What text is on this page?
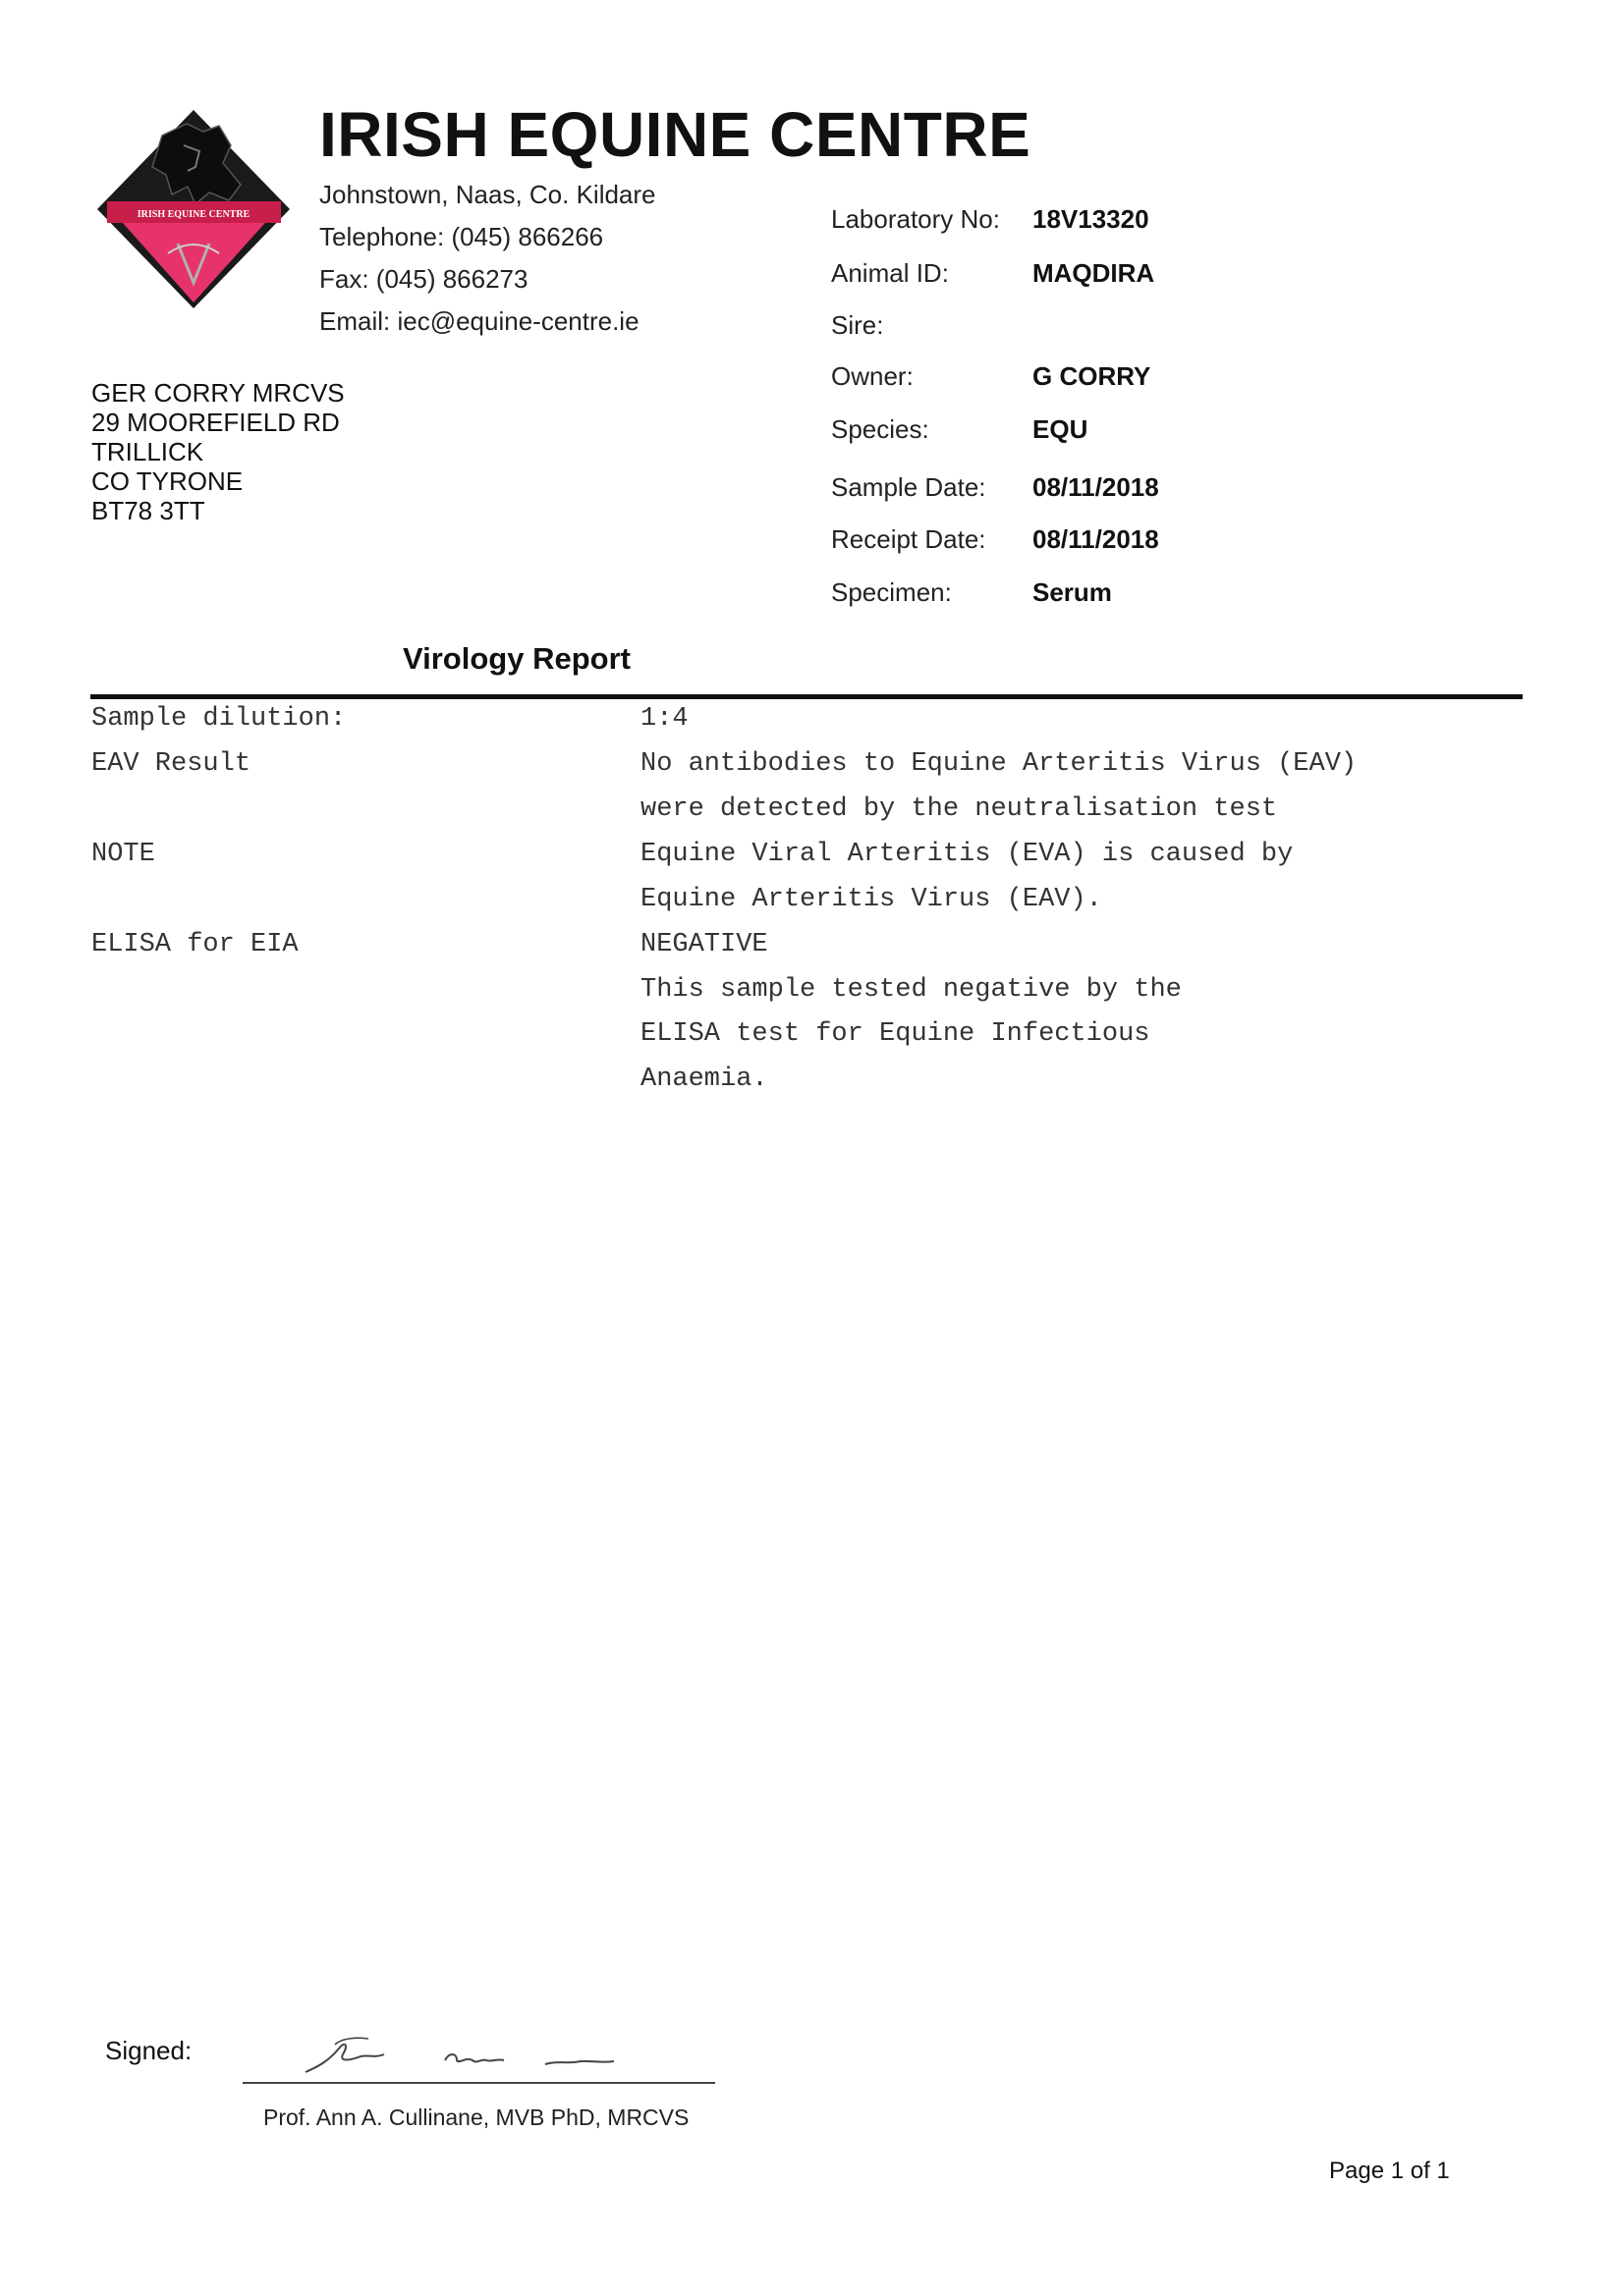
IRISH EQUINE CENTRE
IRISH EQUINE CENTRE
Johnstown, Naas, Co. Kildare
Telephone: (045) 866266
Fax: (045) 866273
Email: iec@equine-centre.ie
GER CORRY MRCVS
29 MOOREFIELD RD
TRILLICK
CO TYRONE
BT78 3TT
Laboratory No: 18V13320
Animal ID:	MAQDIRA
Sire:
Owner:	G CORRY
Species:	EQU
Sample Date: 08/11/2018
Receipt Date: 08/11/2018
Specimen:	Serum
Virology Report
Sample dilution:	1:4
EAV Result	No antibodies to Equine Arteritis Virus (EAV)
were detected by the neutralisation test
NOTE	Equine Viral Arteritis (EVA) is caused by
Equine Arteritis Virus (EAV).
ELISA for EIA	NEGATIVE
This sample tested negative by the
ELISA test for Equine Infectious
Anaemia.
Signed:
Prof. Ann A. Cullinane, MVB PhD, MRCVS
Page 1 of 1
